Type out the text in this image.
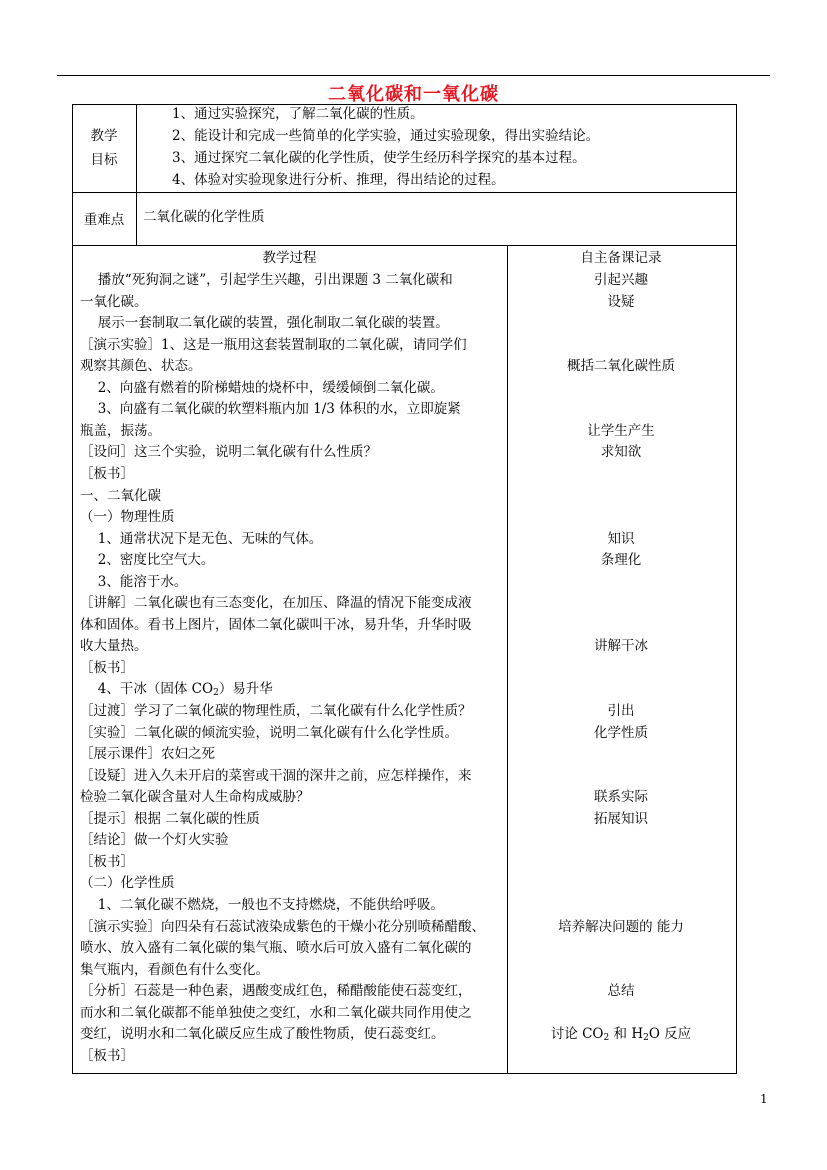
二氧化碳和一氧化碳
教学
目标
1、通过实验探究，了解二氧化碳的性质。
2、能设计和完成一些简单的化学实验，通过实验现象，得出实验结论。
3、通过探究二氧化碳的化学性质，使学生经历科学探究的基本过程。
4、体验对实验现象进行分析、推理，得出结论的过程。
重难点	二氧化碳的化学性质
教学过程	自主备课记录
　 播放“死狗洞之谜”，引起学生兴趣，引出课题 3 二氧化碳和
一氧化碳。
　 展示一套制取二氧化碳的装置，强化制取二氧化碳的装置。
［演示实验］1、这是一瓶用这套装置制取的二氧化碳，请同学们
观察其颜色、状态。
　 2、向盛有燃着的阶梯蜡烛的烧杯中，缓缓倾倒二氧化碳。
　 3、向盛有二氧化碳的软塑料瓶内加 1/3 体积的水，立即旋紧
瓶盖，振荡。
［设问］这三个实验，说明二氧化碳有什么性质？
［板书］
一、二氧化碳
（一）物理性质
　 1、通常状况下是无色、无味的气体。
　 2、密度比空气大。
　 3、能溶于水。
［讲解］二氧化碳也有三态变化，在加压、降温的情况下能变成液
体和固体。看书上图片，固体二氧化碳叫干冰，易升华，升华时吸
收大量热。
［板书］
　 4、干冰（固体 $CO_2$）易升华
［过渡］学习了二氧化碳的物理性质，二氧化碳有什么化学性质？
［实验］二氧化碳的倾流实验，说明二氧化碳有什么化学性质。
［展示课件］农妇之死
［设疑］进入久未开启的菜窖或干涸的深井之前，应怎样操作，来
检验二氧化碳含量对人生命构成威胁？
［提示］根据 二氧化碳的性质
［结论］做一个灯火实验
［板书］
（二）化学性质
　 1、二氧化碳不燃烧，一般也不支持燃烧，不能供给呼吸。
［演示实验］向四朵有石蕊试液染成紫色的干燥小花分别喷稀醋酸、
喷水、放入盛有二氧化碳的集气瓶、喷水后可放入盛有二氧化碳的
集气瓶内，看颜色有什么变化。
［分析］石蕊是一种色素，遇酸变成红色，稀醋酸能使石蕊变红，
而水和二氧化碳都不能单独使之变红，水和二氧化碳共同作用使之
变红，说明水和二氧化碳反应生成了酸性物质，使石蕊变红。
［板书］
引起兴趣
设疑
概括二氧化碳性质
让学生产生
求知欲
知识
条理化
讲解干冰
引出
化学性质
联系实际
拓展知识
培养解决问题的 能力
总结
讨论 $CO_2$ 和 $H_2O$ 反应
1
